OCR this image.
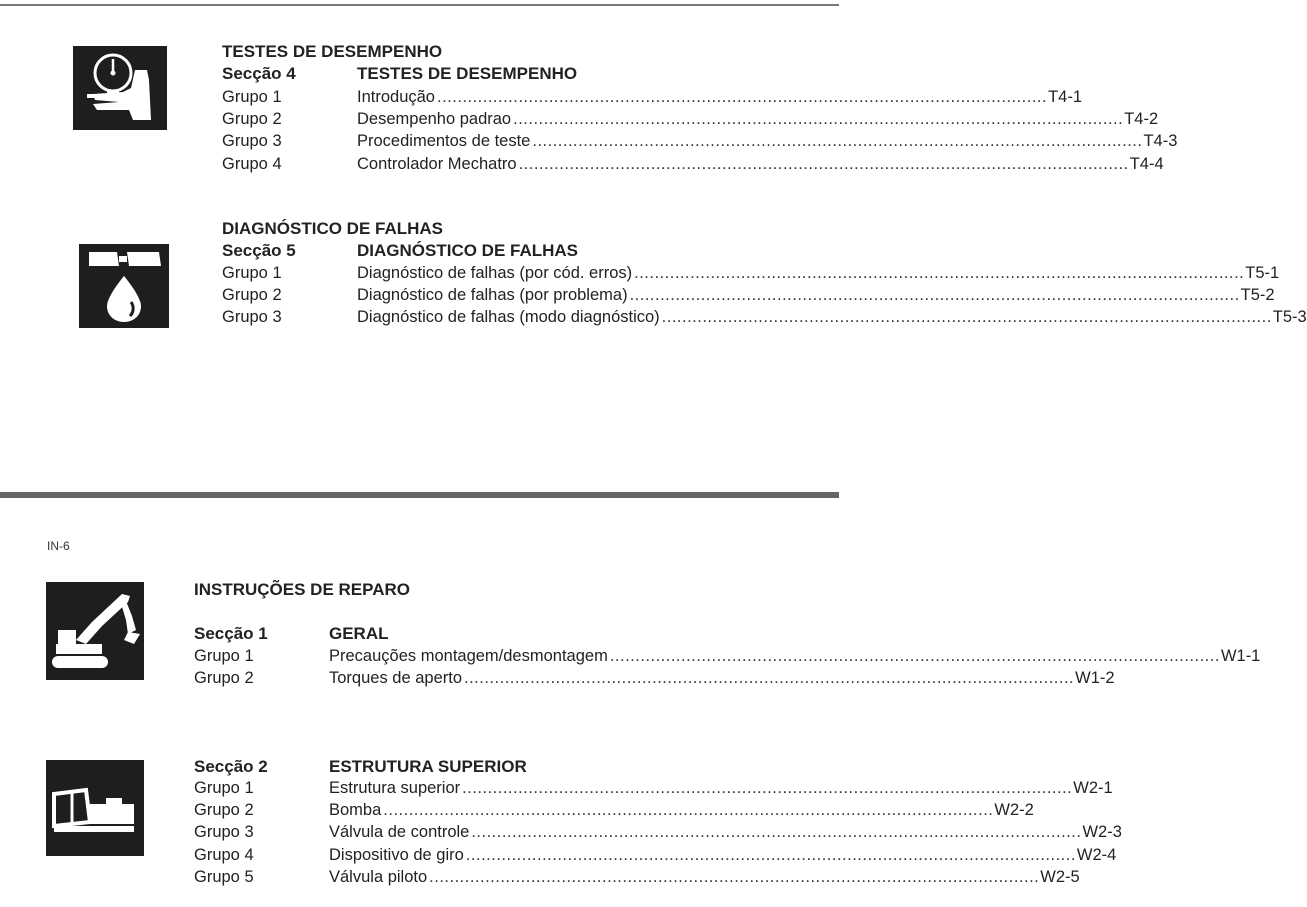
TESTES DE DESEMPENHO
Secção 4	TESTES DE DESEMPENHO
Grupo 1	Introdução ........................................................................................................................ T4-1
Grupo 2	Desempenho padrao ........................................................................................................................ T4-2
Grupo 3	Procedimentos de teste ........................................................................................................................ T4-3
Grupo 4	Controlador Mechatro ........................................................................................................................ T4-4
DIAGNÓSTICO DE FALHAS
Secção 5	DIAGNÓSTICO DE FALHAS
Grupo 1	Diagnóstico de falhas (por cód. erros) ........................................................................................................................ T5-1
Grupo 2	Diagnóstico de falhas (por problema) ........................................................................................................................ T5-2
Grupo 3	Diagnóstico de falhas (modo diagnóstico) ........................................................................................................................ T5-3
IN-6
INSTRUÇÕES DE REPARO
Secção 1	GERAL
Grupo 1	Precauções montagem/desmontagem ........................................................................................................................ W1-1
Grupo 2	Torques de aperto ........................................................................................................................ W1-2
Secção 2	ESTRUTURA SUPERIOR
Grupo 1	Estrutura superior ........................................................................................................................ W2-1
Grupo 2	Bomba ........................................................................................................................ W2-2
Grupo 3	Válvula de controle ........................................................................................................................ W2-3
Grupo 4	Dispositivo de giro ........................................................................................................................ W2-4
Grupo 5	Válvula piloto ........................................................................................................................ W2-5
